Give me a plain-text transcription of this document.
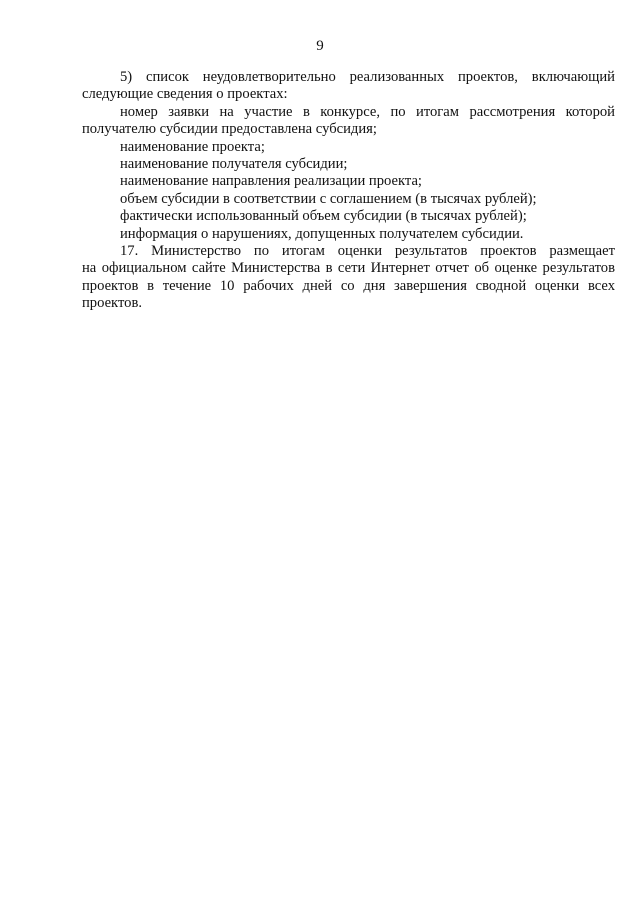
9

5) список неудовлетворительно реализованных проектов, включающий

следующие сведения о проектах:

номер заявки на участие в конкурсе, по итогам рассмотрения которой

получателю субсидии предоставлена субсидия;

наименование проекта;

наименование получателя субсидии;

наименование направления реализации проекта;

объем субсидии в соответствии с соглашением (в тысячах рублей);

фактически использованный объем субсидии (в тысячах рублей);

информация о нарушениях, допущенных получателем субсидии.

17. Министерство по итогам оценки результатов проектов размещает

на официальном сайте Министерства в сети Интернет отчет об оценке результатов

проектов в течение 10 рабочих дней со дня завершения сводной оценки всех

проектов.
